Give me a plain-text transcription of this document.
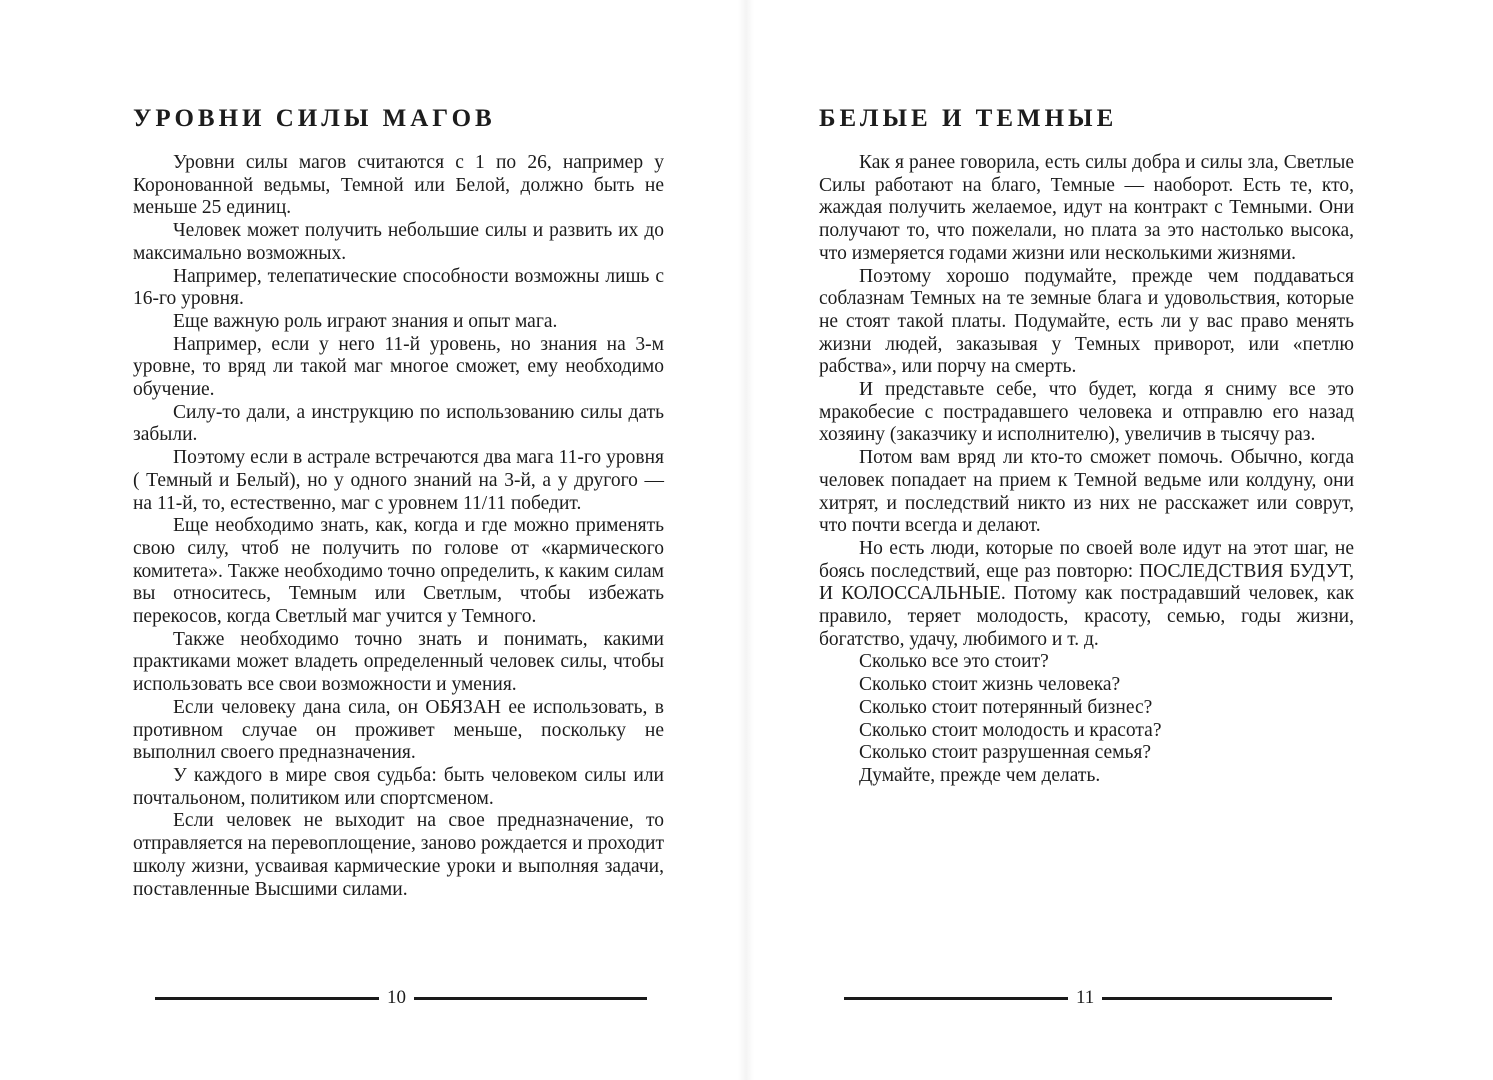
УРОВНИ СИЛЫ МАГОВ

Уровни силы магов считаются с 1 по 26, например у Коронованной ведьмы, Темной или Белой, должно быть не меньше 25 единиц.

Человек может получить небольшие силы и развить их до максимально возможных.

Например, телепатические способности возможны лишь с 16-го уровня.

Еще важную роль играют знания и опыт мага.

Например, если у него 11-й уровень, но знания на 3-м уровне, то вряд ли такой маг многое сможет, ему необходимо обучение.

Силу-то дали, а инструкцию по использованию силы дать забыли.

Поэтому если в астрале встречаются два мага 11-го уровня ( Темный и Белый), но у одного знаний на 3-й, а у другого — на 11-й, то, естественно, маг с уровнем 11/11 победит.

Еще необходимо знать, как, когда и где можно применять свою силу, чтоб не получить по голове от «кармического комитета». Также необходимо точно определить, к каким силам вы относитесь, Темным или Светлым, чтобы избежать перекосов, когда Светлый маг учится у Темного.

Также необходимо точно знать и понимать, какими практиками может владеть определенный человек силы, чтобы использовать все свои возможности и умения.

Если человеку дана сила, он ОБЯЗАН ее использовать, в противном случае он проживет меньше, поскольку не выполнил своего предназначения.

У каждого в мире своя судьба: быть человеком силы или почтальоном, политиком или спортсменом.

Если человек не выходит на свое предназначение, то отправляется на перевоплощение, заново рождается и проходит школу жизни, усваивая кармические уроки и выполняя задачи, поставленные Высшими силами.

10
БЕЛЫЕ И ТЕМНЫЕ

Как я ранее говорила, есть силы добра и силы зла, Светлые Силы работают на благо, Темные — наоборот. Есть те, кто, жаждая получить желаемое, идут на контракт с Темными. Они получают то, что пожелали, но плата за это настолько высока, что измеряется годами жизни или несколькими жизнями.

Поэтому хорошо подумайте, прежде чем поддаваться соблазнам Темных на те земные блага и удовольствия, которые не стоят такой платы. Подумайте, есть ли у вас право менять жизни людей, заказывая у Темных приворот, или «петлю рабства», или порчу на смерть.

И представьте себе, что будет, когда я сниму все это мракобесие с пострадавшего человека и отправлю его назад хозяину (заказчику и исполнителю), увеличив в тысячу раз.

Потом вам вряд ли кто-то сможет помочь. Обычно, когда человек попадает на прием к Темной ведьме или колдуну, они хитрят, и последствий никто из них не расскажет или соврут, что почти всегда и делают.

Но есть люди, которые по своей воле идут на этот шаг, не боясь последствий, еще раз повторю: ПОСЛЕДСТВИЯ БУДУТ, И КОЛОССАЛЬНЫЕ. Потому как пострадавший человек, как правило, теряет молодость, красоту, семью, годы жизни, богатство, удачу, любимого и т. д.

Сколько все это стоит?

Сколько стоит жизнь человека?

Сколько стоит потерянный бизнес?

Сколько стоит молодость и красота?

Сколько стоит разрушенная семья?

Думайте, прежде чем делать.

11
